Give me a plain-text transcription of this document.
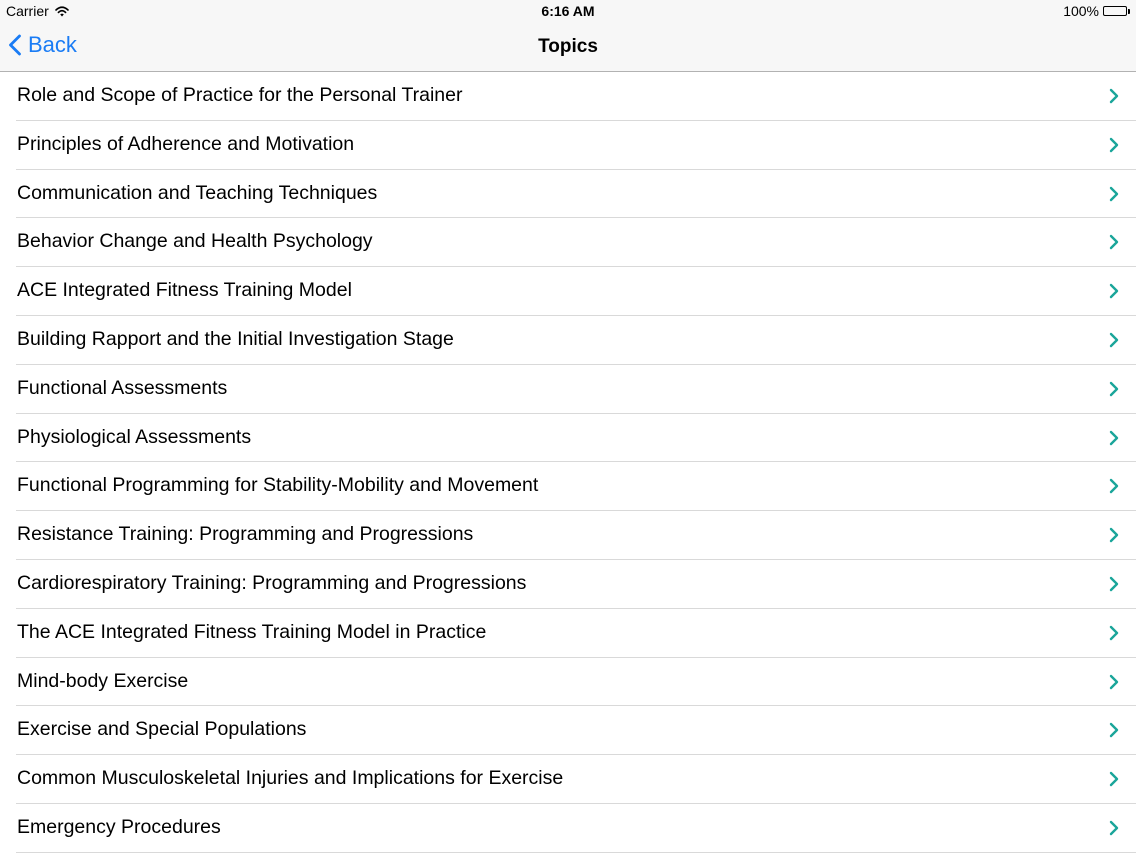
Carrier	6:16 AM	100%
Back	Topics
Role and Scope of Practice for the Personal Trainer
Principles of Adherence and Motivation
Communication and Teaching Techniques
Behavior Change and Health Psychology
ACE Integrated Fitness Training Model
Building Rapport and the Initial Investigation Stage
Functional Assessments
Physiological Assessments
Functional Programming for Stability-Mobility and Movement
Resistance Training: Programming and Progressions
Cardiorespiratory Training: Programming and Progressions
The ACE Integrated Fitness Training Model in Practice
Mind-body Exercise
Exercise and Special Populations
Common Musculoskeletal Injuries and Implications for Exercise
Emergency Procedures
